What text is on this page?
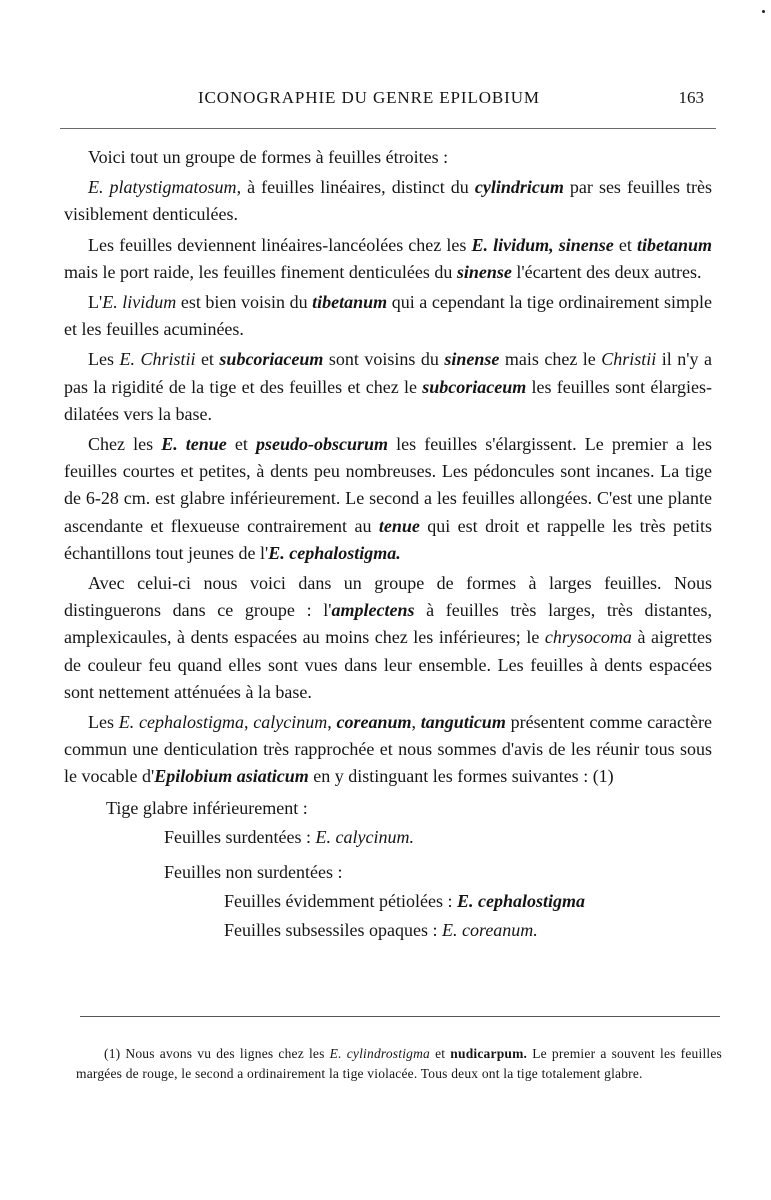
ICONOGRAPHIE DU GENRE EPILOBIUM	163

Voici tout un groupe de formes à feuilles étroites :

E. platystigmatosum, à feuilles linéaires, distinct du cylindricum par ses feuilles très visiblement denticulées.

Les feuilles deviennent linéaires-lancéolées chez les E. lividum, sinense et tibetanum mais le port raide, les feuilles finement denticulées du sinense l'écartent des deux autres.

L'E. lividum est bien voisin du tibetanum qui a cependant la tige ordinairement simple et les feuilles acuminées.

Les E. Christii et subcoriaceum sont voisins du sinense mais chez le Christii il n'y a pas la rigidité de la tige et des feuilles et chez le subcoriaceum les feuilles sont élargies-dilatées vers la base.

Chez les E. tenue et pseudo-obscurum les feuilles s'élargissent. Le premier a les feuilles courtes et petites, à dents peu nombreuses. Les pédoncules sont incanes. La tige de 6-28 cm. est glabre inférieurement. Le second a les feuilles allongées. C'est une plante ascendante et flexueuse contrairement au tenue qui est droit et rappelle les très petits échantillons tout jeunes de l'E. cephalostigma.

Avec celui-ci nous voici dans un groupe de formes à larges feuilles. Nous distinguerons dans ce groupe : l'amplectens à feuilles très larges, très distantes, amplexicaules, à dents espacées au moins chez les inférieures; le chrysocoma à aigrettes de couleur feu quand elles sont vues dans leur ensemble. Les feuilles à dents espacées sont nettement atténuées à la base.

Les E. cephalostigma, calycinum, coreanum, tanguticum présentent comme caractère commun une denticulation très rapprochée et nous sommes d'avis de les réunir tous sous le vocable d'Epilobium asiaticum en y distinguant les formes suivantes : (1)

Tige glabre inférieurement :
Feuilles surdentées : E. calycinum.
Feuilles non surdentées :
Feuilles évidemment pétiolées : E. cephalostigma
Feuilles subsessiles opaques : E. coreanum.

(1) Nous avons vu des lignes chez les E. cylindrostigma et nudicarpum. Le premier a souvent les feuilles margées de rouge, le second a ordinairement la tige violacée. Tous deux ont la tige totalement glabre.
